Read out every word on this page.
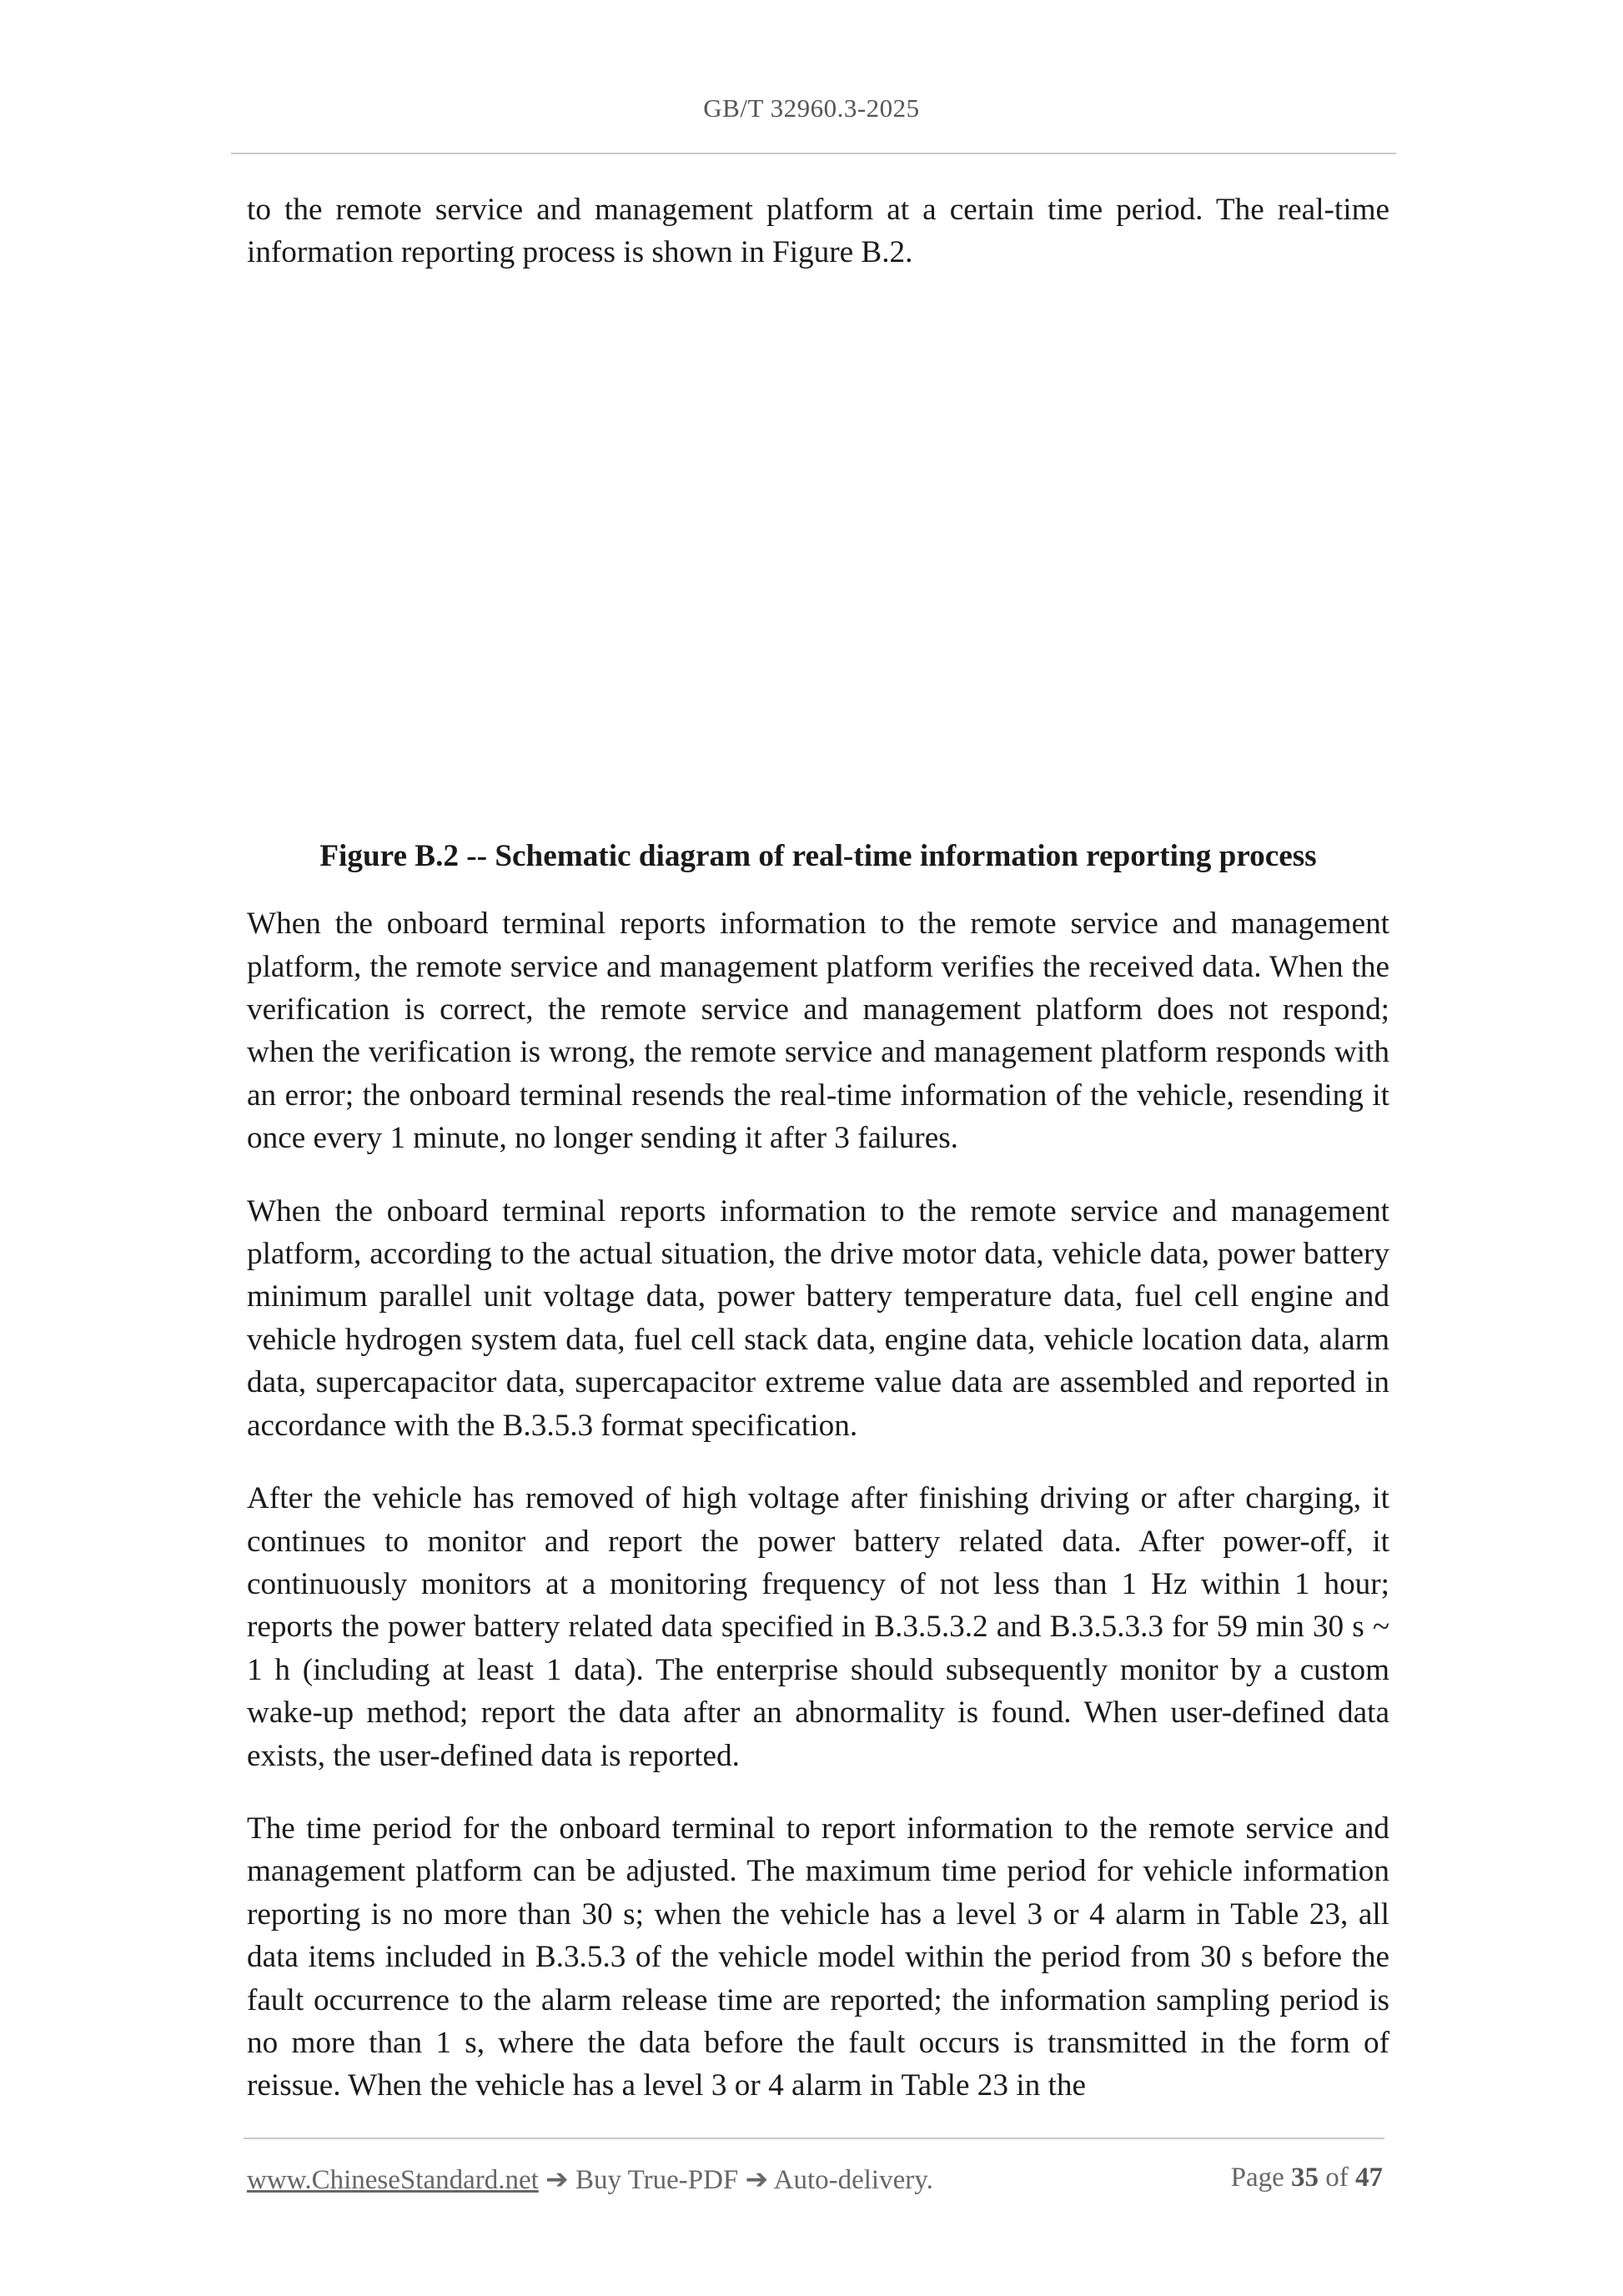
GB/T 32960.3-2025

to the remote service and management platform at a certain time period. The real-time information reporting process is shown in Figure B.2.

Figure B.2 -- Schematic diagram of real-time information reporting process

When the onboard terminal reports information to the remote service and management platform, the remote service and management platform verifies the received data. When the verification is correct, the remote service and management platform does not respond; when the verification is wrong, the remote service and management platform responds with an error; the onboard terminal resends the real-time information of the vehicle, resending it once every 1 minute, no longer sending it after 3 failures.

When the onboard terminal reports information to the remote service and management platform, according to the actual situation, the drive motor data, vehicle data, power battery minimum parallel unit voltage data, power battery temperature data, fuel cell engine and vehicle hydrogen system data, fuel cell stack data, engine data, vehicle location data, alarm data, supercapacitor data, supercapacitor extreme value data are assembled and reported in accordance with the B.3.5.3 format specification.

After the vehicle has removed of high voltage after finishing driving or after charging, it continues to monitor and report the power battery related data. After power-off, it continuously monitors at a monitoring frequency of not less than 1 Hz within 1 hour; reports the power battery related data specified in B.3.5.3.2 and B.3.5.3.3 for 59 min 30 s ~ 1 h (including at least 1 data). The enterprise should subsequently monitor by a custom wake-up method; report the data after an abnormality is found. When user-defined data exists, the user-defined data is reported.

The time period for the onboard terminal to report information to the remote service and management platform can be adjusted. The maximum time period for vehicle information reporting is no more than 30 s; when the vehicle has a level 3 or 4 alarm in Table 23, all data items included in B.3.5.3 of the vehicle model within the period from 30 s before the fault occurrence to the alarm release time are reported; the information sampling period is no more than 1 s, where the data before the fault occurs is transmitted in the form of reissue. When the vehicle has a level 3 or 4 alarm in Table 23 in the

www.ChineseStandard.net ➔ Buy True-PDF ➔ Auto-delivery.	Page 35 of 47
